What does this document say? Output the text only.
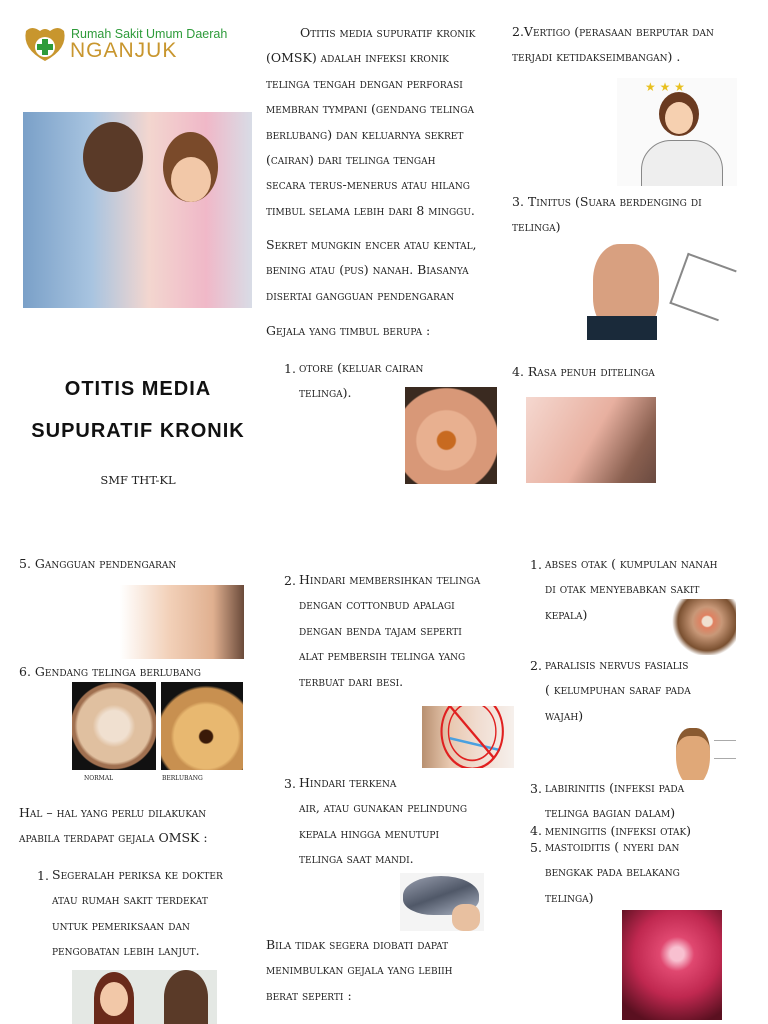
Rumah Sakit Umum Daerah
NGANJUK
OTITIS MEDIA
SUPURATIF KRONIK
SMF THT-KL
Otitis media supuratif kronik
(OMSK) adalah infeksi kronik
telinga tengah dengan perforasi
membran tympani (gendang telinga
berlubang) dan keluarnya sekret
(cairan) dari telinga tengah
secara terus-menerus atau hilang
timbul selama lebih dari 8 minggu.
Sekret mungkin encer atau kental,
bening atau (pus) nanah. Biasanya
disertai gangguan pendengaran
Gejala yang timbul berupa :
1. otore (keluar cairan
telinga).
2.Vertigo (perasaan berputar dan
terjadi ketidakseimbangan) .
★ ★ ★
3. Tinitus (Suara berdenging di
telinga)
4. Rasa penuh ditelinga
5. Gangguan pendengaran
6. Gendang telinga berlubang
normal	berlubang
Hal – hal yang perlu dilakukan
apabila terdapat gejala OMSK :
1. Segeralah periksa ke dokter
atau rumah sakit terdekat
untuk pemeriksaan dan
pengobatan lebih lanjut.
2. Hindari membersihkan telinga
dengan cottonbud apalagi
dengan benda tajam seperti
alat pembersih telinga yang
terbuat dari besi.
3. Hindari terkena
air, atau gunakan pelindung
kepala hingga menutupi
telinga saat mandi.
Bila tidak segera diobati dapat
menimbulkan gejala yang lebiih
berat seperti :
1. abses otak ( kumpulan nanah
di otak menyebabkan sakit
kepala)
2. paralisis nervus fasialis
( kelumpuhan saraf pada
wajah)
3. labirinitis (infeksi pada
telinga bagian dalam)
4. meningitis (infeksi otak)
5. mastoiditis ( nyeri dan
bengkak pada belakang
telinga)
